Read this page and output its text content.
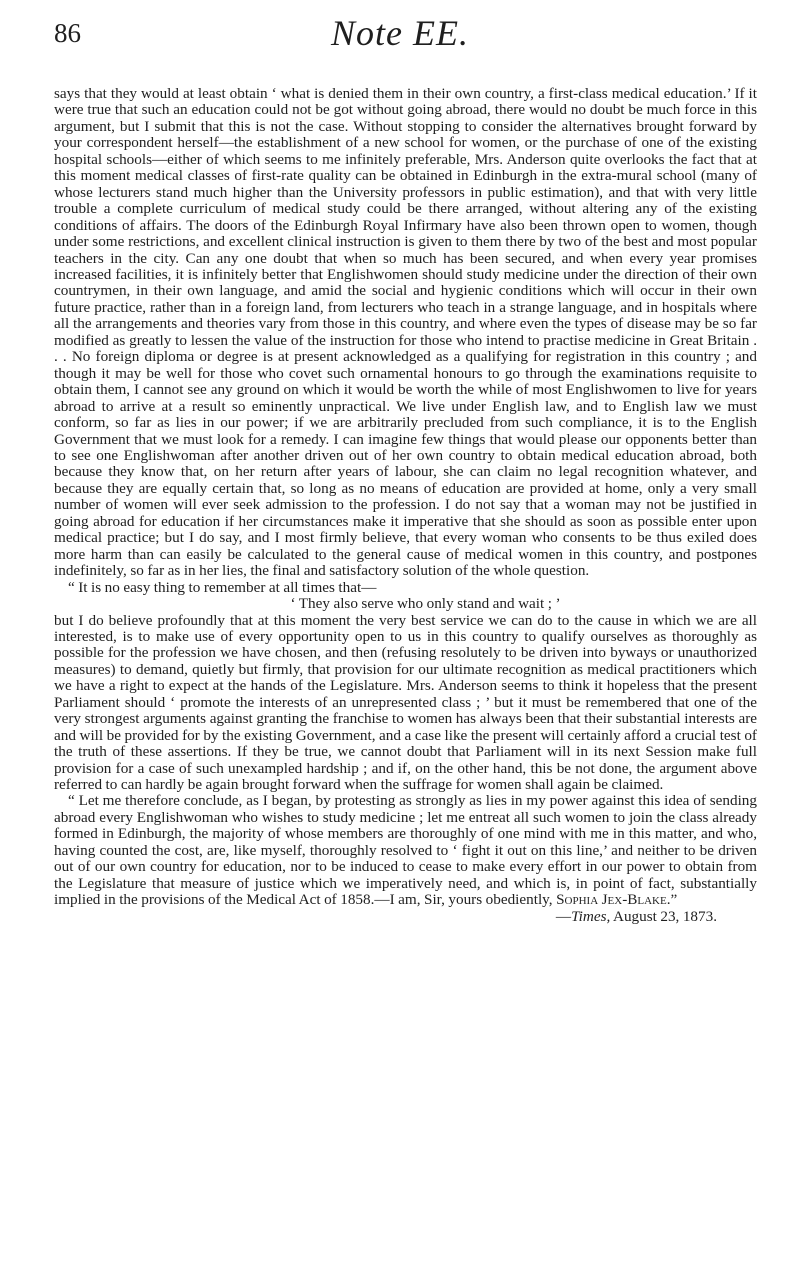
86	Note EE.

says that they would at least obtain ‘ what is denied them in their own country, a first-class medical education.’ If it were true that such an education could not be got without going abroad, there would no doubt be much force in this argument, but I submit that this is not the case. Without stopping to consider the alternatives brought forward by your correspondent herself—the establishment of a new school for women, or the purchase of one of the existing hospital schools—either of which seems to me infinitely preferable, Mrs. Anderson quite overlooks the fact that at this moment medical classes of first-rate quality can be obtained in Edinburgh in the extra-mural school (many of whose lecturers stand much higher than the University professors in public estimation), and that with very little trouble a complete curriculum of medical study could be there arranged, without altering any of the existing conditions of affairs. The doors of the Edinburgh Royal Infirmary have also been thrown open to women, though under some restrictions, and excellent clinical instruction is given to them there by two of the best and most popular teachers in the city. Can any one doubt that when so much has been secured, and when every year promises increased facilities, it is infinitely better that Englishwomen should study medicine under the direction of their own countrymen, in their own language, and amid the social and hygienic conditions which will occur in their own future practice, rather than in a foreign land, from lecturers who teach in a strange language, and in hospitals where all the arrangements and theories vary from those in this country, and where even the types of disease may be so far modified as greatly to lessen the value of the instruction for those who intend to practise medicine in Great Britain . . . No foreign diploma or degree is at present acknowledged as a qualifying for registration in this country ; and though it may be well for those who covet such ornamental honours to go through the examinations requisite to obtain them, I cannot see any ground on which it would be worth the while of most Englishwomen to live for years abroad to arrive at a result so eminently unpractical. We live under English law, and to English law we must conform, so far as lies in our power; if we are arbitrarily precluded from such compliance, it is to the English Government that we must look for a remedy. I can imagine few things that would please our opponents better than to see one Englishwoman after another driven out of her own country to obtain medical education abroad, both because they know that, on her return after years of labour, she can claim no legal recognition whatever, and because they are equally certain that, so long as no means of education are provided at home, only a very small number of women will ever seek admission to the profession. I do not say that a woman may not be justified in going abroad for education if her circumstances make it imperative that she should as soon as possible enter upon medical practice; but I do say, and I most firmly believe, that every woman who consents to be thus exiled does more harm than can easily be calculated to the general cause of medical women in this country, and postpones indefinitely, so far as in her lies, the final and satisfactory solution of the whole question.

“ It is no easy thing to remember at all times that—

‘ They also serve who only stand and wait ; ’

but I do believe profoundly that at this moment the very best service we can do to the cause in which we are all interested, is to make use of every opportunity open to us in this country to qualify ourselves as thoroughly as possible for the profession we have chosen, and then (refusing resolutely to be driven into byways or unauthorized measures) to demand, quietly but firmly, that provision for our ultimate recognition as medical practitioners which we have a right to expect at the hands of the Legislature. Mrs. Anderson seems to think it hopeless that the present Parliament should ‘ promote the interests of an unrepresented class ; ’ but it must be remembered that one of the very strongest arguments against granting the franchise to women has always been that their substantial interests are and will be provided for by the existing Government, and a case like the present will certainly afford a crucial test of the truth of these assertions. If they be true, we cannot doubt that Parliament will in its next Session make full provision for a case of such unexampled hardship ; and if, on the other hand, this be not done, the argument above referred to can hardly be again brought forward when the suffrage for women shall again be claimed.

“ Let me therefore conclude, as I began, by protesting as strongly as lies in my power against this idea of sending abroad every Englishwoman who wishes to study medicine ; let me entreat all such women to join the class already formed in Edinburgh, the majority of whose members are thoroughly of one mind with me in this matter, and who, having counted the cost, are, like myself, thoroughly resolved to ‘ fight it out on this line,’ and neither to be driven out of our own country for education, nor to be induced to cease to make every effort in our power to obtain from the Legislature that measure of justice which we imperatively need, and which is, in point of fact, substantially implied in the provisions of the Medical Act of 1858.—I am, Sir, yours obediently, Sophia Jex-Blake.”

—Times, August 23, 1873.
